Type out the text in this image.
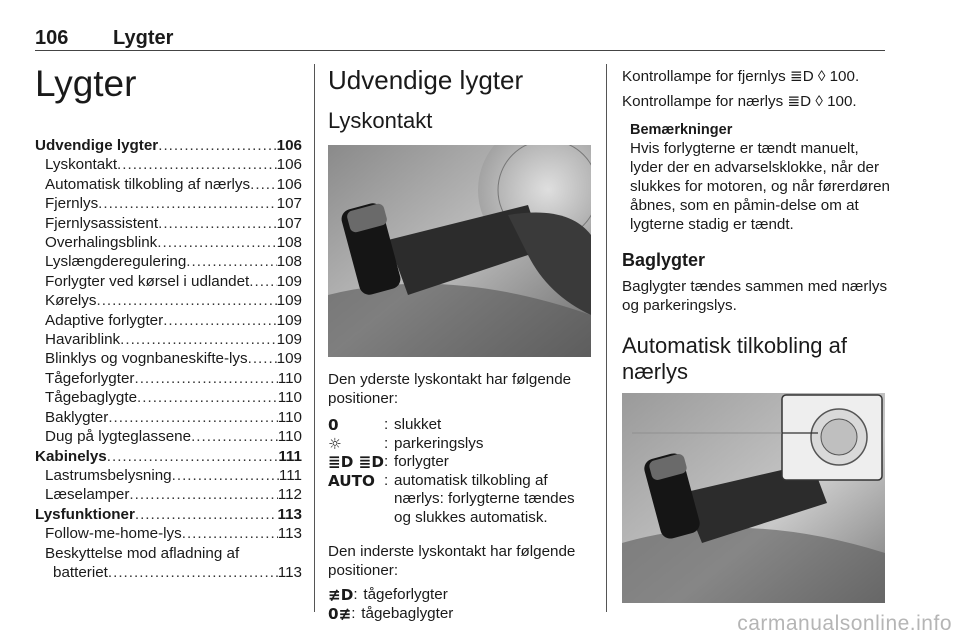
106 Lygter
Lygter
Udvendige lygter .....	106
Lyskontakt .....	106
Automatisk tilkobling af nærlys ..... 106
Fjernlys .....	107
Fjernlysassistent .....	107
Overhalingsblink .....	108
Lyslængderegulering .....	108
Forlygter ved kørsel i udlandet ..... 109
Kørelys .....	109
Adaptive forlygter .....	109
Havariblink .....	109
Blinklys og vognbaneskifte-lys ..... 109
Tågeforlygter .....	110
Tågebaglygte .....	110
Baklygter .....	110
Dug på lygteglassene .....	110
Kabinelys .....	111
Lastrumsbelysning .....	111
Læselamper .....	112
Lysfunktioner .....	113
Follow-me-home-lys .....	113
Beskyttelse mod afladning af
batteriet .....	113
Udvendige lygter
Lyskontakt
Den yderste lyskontakt har følgende positioner:
0	: slukket
☼	: parkeringslys
≣D ≣D : forlygter
AUTO : automatisk tilkobling af nærlys: forlygterne tændes og slukkes automatisk.
Den inderste lyskontakt har følgende positioner:
≢D : tågeforlygter
0≢ : tågebaglygter
Kontrollampe for fjernlys ≣D ◊ 100.
Kontrollampe for nærlys ≣D ◊ 100.
Bemærkninger
Hvis forlygterne er tændt manuelt, lyder der en advarselsklokke, når der slukkes for motoren, og når førerdøren åbnes, som en påmin-delse om at lygterne stadig er tændt.
Baglygter
Baglygter tændes sammen med nærlys og parkeringslys.
Automatisk tilkobling af nærlys
carmanualsonline.info
